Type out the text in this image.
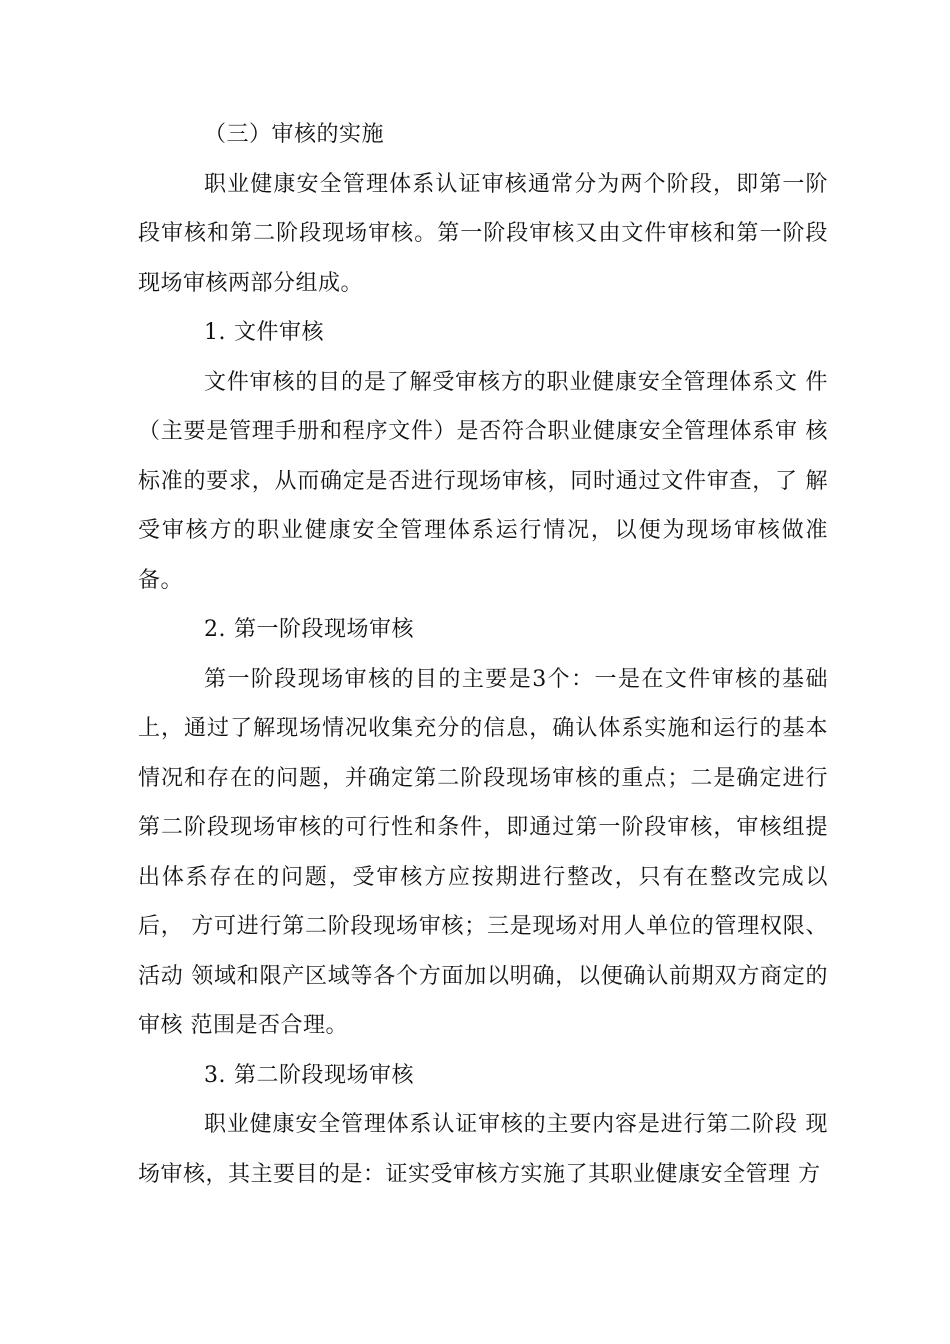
（三）审核的实施

职业健康安全管理体系认证审核通常分为两个阶段，即第一阶段审核和第二阶段现场审核。第一阶段审核又由文件审核和第一阶段现场审核两部分组成。

1. 文件审核

文件审核的目的是了解受审核方的职业健康安全管理体系文 件（主要是管理手册和程序文件）是否符合职业健康安全管理体系审 核标准的要求，从而确定是否进行现场审核，同时通过文件审查，了 解受审核方的职业健康安全管理体系运行情况，以便为现场审核做准备。

2. 第一阶段现场审核

第一阶段现场审核的目的主要是3个：一是在文件审核的基础上，通过了解现场情况收集充分的信息，确认体系实施和运行的基本情况和存在的问题，并确定第二阶段现场审核的重点；二是确定进行第二阶段现场审核的可行性和条件，即通过第一阶段审核，审核组提出体系存在的问题，受审核方应按期进行整改，只有在整改完成以后， 方可进行第二阶段现场审核；三是现场对用人单位的管理权限、活动 领域和限产区域等各个方面加以明确，以便确认前期双方商定的审核 范围是否合理。

3. 第二阶段现场审核

职业健康安全管理体系认证审核的主要内容是进行第二阶段 现场审核，其主要目的是：证实受审核方实施了其职业健康安全管理 方
